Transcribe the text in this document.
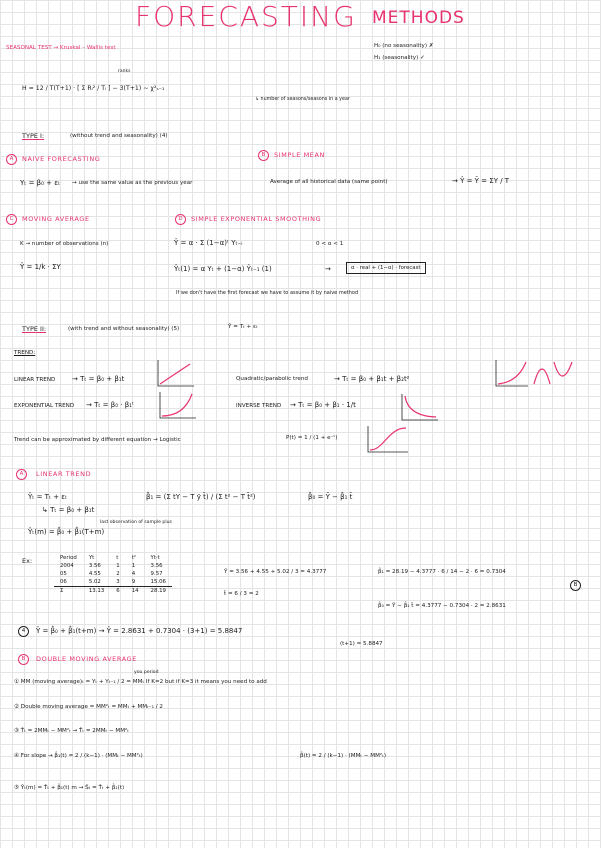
FORECASTING METHODS
SEASONAL TEST → Kruskal – Wallis test	H₀ (no seasonality) ✗
H₁ (seasonality) ✓
ranks
H = 12 / T(T+1) · [ Σ Rᵢ² / Tᵢ ] − 3(T+1) ∼ χ²ₛ₋₁
↳ number of seasons/seasons in a year
TYPE I:	(without trend and seasonality) (4)
A	NAIVE FORECASTING
Yₜ = β₀ + εₜ → use the same value as the previous year
B	SIMPLE MEAN
Average of all historical data (same point)	→ Ŷ = Ȳ = ΣY / T
C	MOVING AVERAGE
K → number of observations (n)
Ŷ = 1/k · ΣY
D	SIMPLE EXPONENTIAL SMOOTHING
Ŷ = α · Σ (1−α)ᵗ Yₜ₋ᵢ	0 < α < 1
Ŷₜ(1) = α Yₜ + (1−α) Ŷₜ₋₁ (1)	→	α · real + (1−α) · forecast
If we don't have the first forecast we have to assume it by naive method
TYPE II:	(with trend and without seasonality) (5)	Ŷ = Tₜ + εₜ
TREND:
LINEAR TREND → Tₜ = β₀ + β₁t	Quadratic/parabolic trend	→ Tₜ = β₀ + β₁t + β₂t²
EXPONENTIAL TREND → Tₜ = β₀ · β₁ᵗ	INVERSE TREND → Tₜ = β₀ + β₁ · 1/t
Trend can be approximated by different equation → Logistic	P(t) = 1 / (1 + e⁻ᵗ)
A	LINEAR TREND
Ŷₜ = Tₜ + εₜ
↳ Tₜ = β₀ + β₁t
last observation of sample plus
Ŷₜ(m) = β̂₀ + β̂₁(T+m)
β̂₁ = (Σ tY − T ȳ t̄) / (Σ t² − T t̄²)	β̂₀ = Ȳ − β̂₁ t̄
Ex:	Period	Yt	t	t²	Yt·t
2004	3.56	1	1	3.56
05	4.55	2	4	9.57
06	5.02	3	9	15.06
Σ	13.13	6	14	28.19
Ȳ = 3.56 + 4.55 + 5.02 / 3 = 4.3777
t̄ = 6 / 3 = 2
β̂₁ = 28.19 − 4.3777 · 6 / 14 − 2 · 6 = 0.7304
β̂₀ = Ȳ − β̂₁ t̄ = 4.3777 − 0.7304 · 2 = 2.8631
B
4	Ŷ = β̂₀ + β̂₁(t+m) → Ŷ = 2.8631 + 0.7304 · (3+1) = 5.8847
(t+1) = 5.8847
B	DOUBLE MOVING AVERAGE
you period
① MM (moving average)ₜ = Yₜ + Yₜ₋₁ / 2 = MMₜ If K=2 but if K=3 it means you need to add
② Double moving average = MM²ₜ = MMₜ + MMₜ₋₁ / 2
③ T̂ₜ = 2MMₜ − MM²ₜ → T̂ₜ = 2MMₜ − MM²ₜ
④ For slope → β̂₁(t) = 2 / (k−1) · (MMₜ − MM²ₜ)	β̂(t) = 2 / (k−1) · (MMₜ − MM²ₜ)
⑤ Ŷₜ(m) = T̂ₜ + β̂₁(t) m → Ŝₜ = T̂ₜ + β̂₁(t)
